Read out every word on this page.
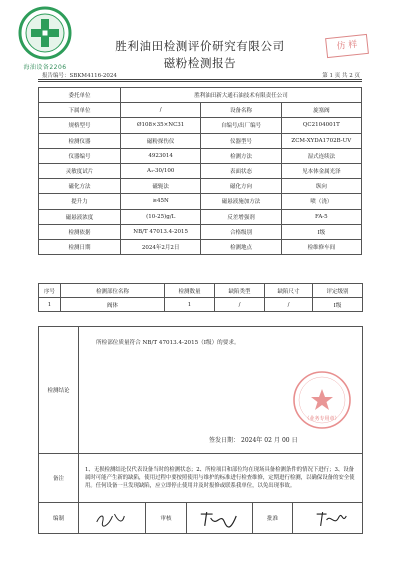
海油设备2206
胜利油田检测评价研究有限公司
磁粉检测报告
仿 样
报告编号：SBKM4116-2024	第 1 页 共 2 页
委托单位	胜利油田新大通石油技术有限责任公司		
下属单位	/	设备名称	旋塞阀
规格型号	Ø108×35×NC31	自编号/出厂编号	QC2104001T
检测仪器	磁粉探伤仪	仪器型号	ZCM-XYDA1702B-UV
仪器编号	4923014	检测方法	湿式连续法
灵敏度试片	A₁-30/100	表面状态	见本体金属光泽
磁化方法	磁轭法	磁化方向	纵向
提升力	≥45N	磁悬液施加方法	喷（浇）
磁悬液浓度	(10-25)g/L	反差增强剂	FA-5
检测依据	NB/T 47013.4-2015	合格级别	Ⅰ级
检测日期	2024年2月2日	检测地点	检维修车间
序号	检测部位名称	检测数量	缺陷类型	缺陷尺寸	评定级别
1	阀体	1	/	/	Ⅰ级
检测结论	所检部位质量符合 NB/T 47013.4-2015（Ⅰ级）的要求。
（业务专用章）
签发日期： 2024年 02 月 00 日				

备注	1、无损检测结论仅代表设备当时的检测状态；2、所检项目和部位均在现场具备检测条件的情况下进行；3、设备属时可能产生新的缺陷，使用过程中要按照使用与维护的标准进行检查维修，定期进行检测，以确保设备的安全使用。任何设备一旦发现缺陷，应立即停止使用并及时报修或联系我单位，以免出现事故。				
编制		审核		批准	
